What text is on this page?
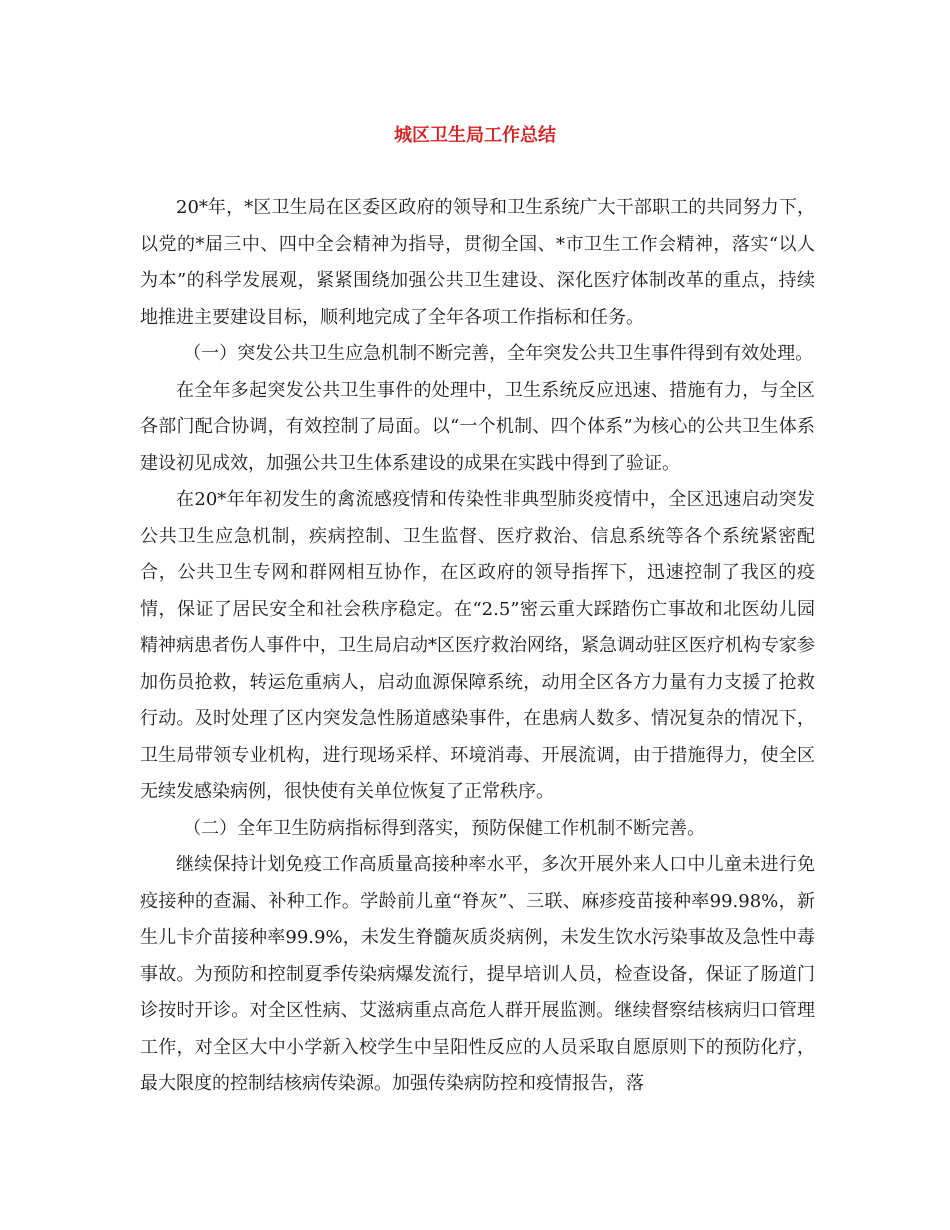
城区卫生局工作总结

20*年，*区卫生局在区委区政府的领导和卫生系统广大干部职工的共同努力下，以党的*届三中、四中全会精神为指导，贯彻全国、*市卫生工作会精神，落实“以人为本”的科学发展观，紧紧围绕加强公共卫生建设、深化医疗体制改革的重点，持续地推进主要建设目标，顺利地完成了全年各项工作指标和任务。

（一）突发公共卫生应急机制不断完善，全年突发公共卫生事件得到有效处理。

在全年多起突发公共卫生事件的处理中，卫生系统反应迅速、措施有力，与全区各部门配合协调，有效控制了局面。以“一个机制、四个体系”为核心的公共卫生体系建设初见成效，加强公共卫生体系建设的成果在实践中得到了验证。

在20*年年初发生的禽流感疫情和传染性非典型肺炎疫情中，全区迅速启动突发公共卫生应急机制，疾病控制、卫生监督、医疗救治、信息系统等各个系统紧密配合，公共卫生专网和群网相互协作，在区政府的领导指挥下，迅速控制了我区的疫情，保证了居民安全和社会秩序稳定。在“2.5”密云重大踩踏伤亡事故和北医幼儿园精神病患者伤人事件中，卫生局启动*区医疗救治网络，紧急调动驻区医疗机构专家参加伤员抢救，转运危重病人，启动血源保障系统，动用全区各方力量有力支援了抢救行动。及时处理了区内突发急性肠道感染事件，在患病人数多、情况复杂的情况下，卫生局带领专业机构，进行现场采样、环境消毒、开展流调，由于措施得力，使全区无续发感染病例，很快使有关单位恢复了正常秩序。

（二）全年卫生防病指标得到落实，预防保健工作机制不断完善。

继续保持计划免疫工作高质量高接种率水平，多次开展外来人口中儿童未进行免疫接种的查漏、补种工作。学龄前儿童“脊灰”、三联、麻疹疫苗接种率99.98%，新生儿卡介苗接种率99.9%，未发生脊髓灰质炎病例，未发生饮水污染事故及急性中毒事故。为预防和控制夏季传染病爆发流行，提早培训人员，检查设备，保证了肠道门诊按时开诊。对全区性病、艾滋病重点高危人群开展监测。继续督察结核病归口管理工作，对全区大中小学新入校学生中呈阳性反应的人员采取自愿原则下的预防化疗，最大限度的控制结核病传染源。加强传染病防控和疫情报告，落
